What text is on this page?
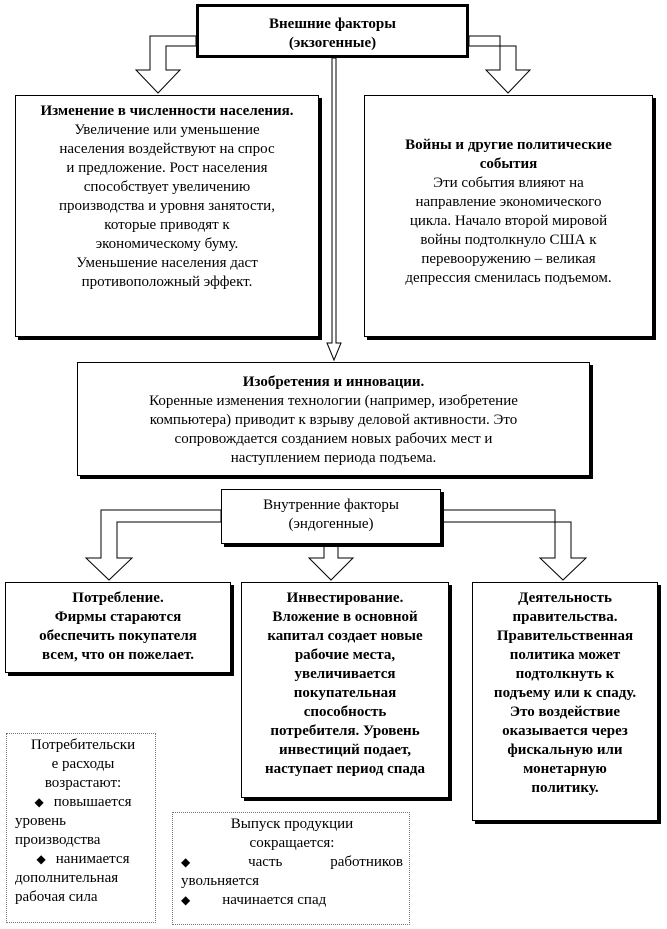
Внешние факторы
(экзогенные)
Изменение в численности населения.
Увеличение или уменьшение
населения воздействуют на спрос
и предложение. Рост населения
способствует увеличению
производства и уровня занятости,
которые приводят к
экономическому буму.
Уменьшение населения даст
противоположный эффект.
Войны и другие политические
события
Эти события влияют на
направление экономического
цикла. Начало второй мировой
войны подтолкнуло США к
перевооружению – великая
депрессия сменилась подъемом.
Изобретения и инновации.
Коренные изменения технологии (например, изобретение
компьютера) приводит к взрыву деловой активности. Это
сопровождается созданием новых рабочих мест и
наступлением периода подъема.
Внутренние факторы
(эндогенные)
Потребление.
Фирмы стараются
обеспечить покупателя
всем, что он пожелает.
Инвестирование.
Вложение в основной
капитал создает новые
рабочие места,
увеличивается
покупательная
способность
потребителя. Уровень
инвестиций подает,
наступает период спада
Деятельность
правительства.
Правительственная
политика может
подтолкнуть к
подъему или к спаду.
Это воздействие
оказывается через
фискальную или
монетарную
политику.
Потребительски
е расходы
возрастают:
◆ повышается
уровень
производства
◆ нанимается
дополнительная
рабочая сила
Выпуск продукции
сокращается:
◆	часть	работников
увольняется
◆ начинается спад
